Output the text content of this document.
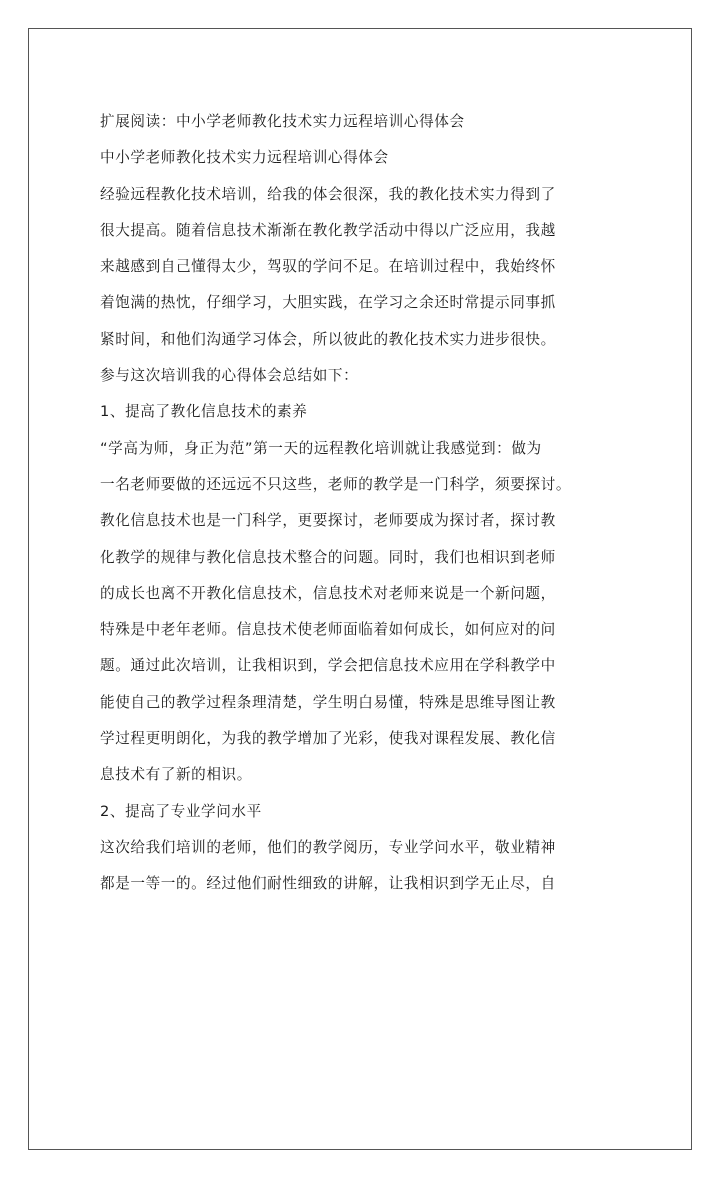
扩展阅读：中小学老师教化技术实力远程培训心得体会
中小学老师教化技术实力远程培训心得体会
经验远程教化技术培训，给我的体会很深，我的教化技术实力得到了
很大提高。随着信息技术渐渐在教化教学活动中得以广泛应用，我越
来越感到自己懂得太少，驾驭的学问不足。在培训过程中，我始终怀
着饱满的热忱，仔细学习，大胆实践，在学习之余还时常提示同事抓
紧时间，和他们沟通学习体会，所以彼此的教化技术实力进步很快。
参与这次培训我的心得体会总结如下：
1、提高了教化信息技术的素养
“学高为师，身正为范”第一天的远程教化培训就让我感觉到：做为
一名老师要做的还远远不只这些，老师的教学是一门科学，须要探讨。
教化信息技术也是一门科学，更要探讨，老师要成为探讨者，探讨教
化教学的规律与教化信息技术整合的问题。同时，我们也相识到老师
的成长也离不开教化信息技术，信息技术对老师来说是一个新问题，
特殊是中老年老师。信息技术使老师面临着如何成长，如何应对的问
题。通过此次培训，让我相识到，学会把信息技术应用在学科教学中
能使自己的教学过程条理清楚，学生明白易懂，特殊是思维导图让教
学过程更明朗化，为我的教学增加了光彩，使我对课程发展、教化信
息技术有了新的相识。
2、提高了专业学问水平
这次给我们培训的老师，他们的教学阅历，专业学问水平，敬业精神
都是一等一的。经过他们耐性细致的讲解，让我相识到学无止尽，自
